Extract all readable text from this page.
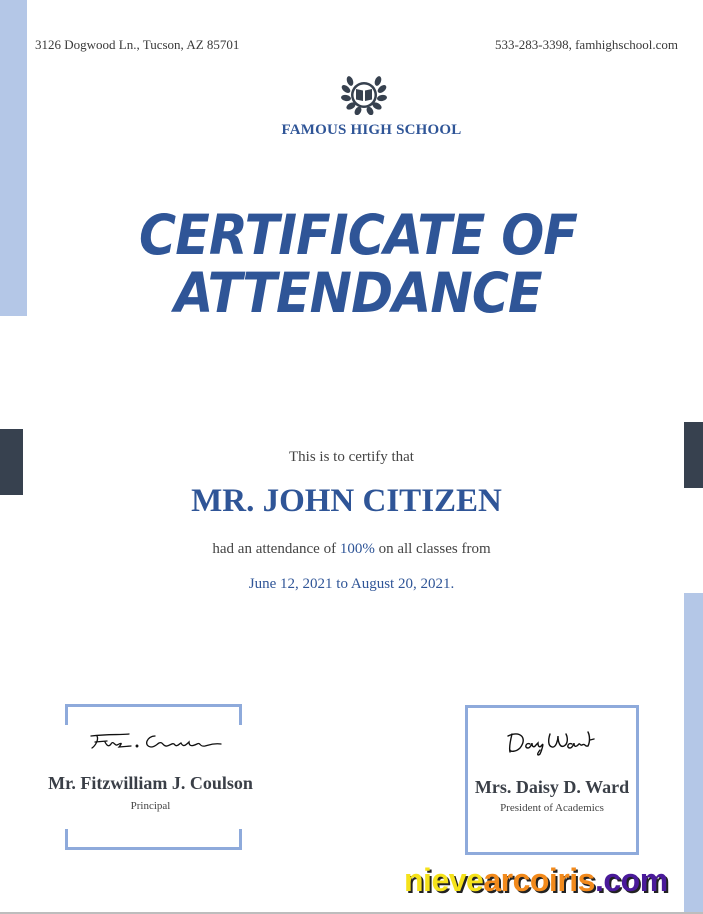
3126 Dogwood Ln., Tucson, AZ 85701	533-283-3398, famhighschool.com
FAMOUS HIGH SCHOOL
CERTIFICATE OF
ATTENDANCE
This is to certify that
MR. JOHN CITIZEN
had an attendance of 100% on all classes from
June 12, 2021 to August 20, 2021.
Mr. Fitzwilliam J. Coulson
Principal
Mrs. Daisy D. Ward
President of Academics
nievearcoiris.com
